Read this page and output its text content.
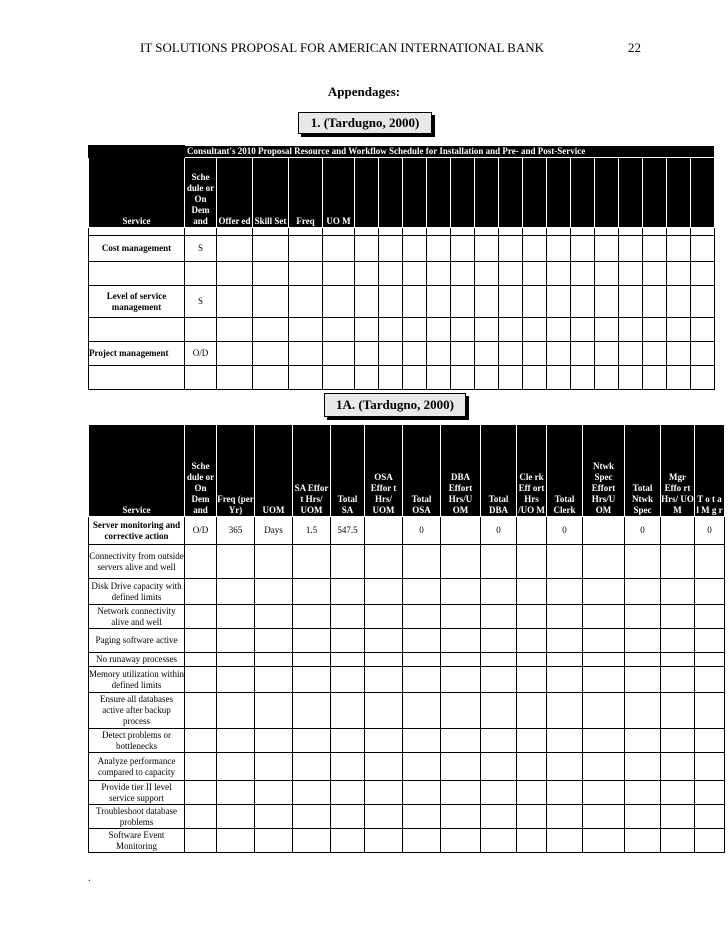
IT SOLUTIONS PROPOSAL FOR AMERICAN INTERNATIONAL BANK	22
Appendages:
1. (Tardugno, 2000)
	Consultant's 2010 Proposal Resource and Workflow Schedule for Installation and Pre- and Post-Service																			
Service	Sche dule or On Dem and	Offer ed	Skill Set	Freq	UO M															

Cost management	S																			

Level of service management	S																			

Project management	O/D																			

1A. (Tardugno, 2000)
Service	Sche dule or On Dem and	Freq (per Yr)	UOM	SA Effor t Hrs/ UOM	Total SA	OSA Effor t Hrs/ UOM	Total OSA	DBA Effort Hrs/U OM	Total DBA	Cle rk Eff ort Hrs /UO M	Total Clerk	Ntwk Spec Effort Hrs/U OM	Total Ntwk Spec	Mgr Effo rt Hrs/ UO M	T o t a l M g r
Server monitoring and corrective action	O/D	365	Days	1.5	547.5		0		0		0		0		0
Connectivity from outside servers alive and well															
Disk Drive capacity with defined limits															
Network connectivity alive and well															
Paging software active															
No runaway processes															
Memory utilization within defined limits															
Ensure all databases active after backup process															
Detect problems or bottlenecks															
Analyze performance compared to capacity															
Provide tier II level service support															
Troubleshoot database problems															
Software Event Monitoring															
.
